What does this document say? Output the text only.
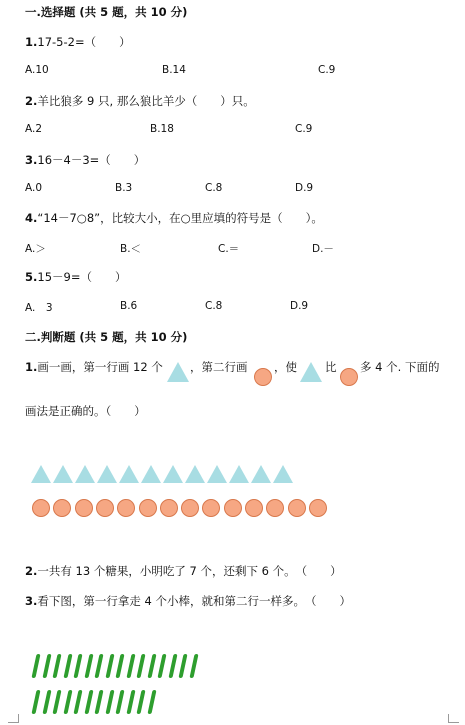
一.选择题 (共 5 题，共 10 分)
1.17-5-2=（　　）
A.10	B.14	C.9
2.羊比狼多 9 只, 那么狼比羊少（　　）只。
A.2	B.18	C.9
3.16－4－3=（　　）
A.0	B.3	C.8	D.9
4.“14－7○8”，比较大小，在○里应填的符号是（　　）。
A.＞	B.＜	C.＝	D.－
5.15－9=（　　）
A.　3	B.6	C.8	D.9
二.判断题 (共 5 题，共 10 分)
1.画一画，第一行画 12 个 ，第二行画 ，使 比 多 4 个. 下面的
画法是正确的。（　　）
2.一共有 13 个糖果，小明吃了 7 个，还剩下 6 个。　（　　）
3.看下图，第一行拿走 4 个小棒，就和第二行一样多。　（　　）
